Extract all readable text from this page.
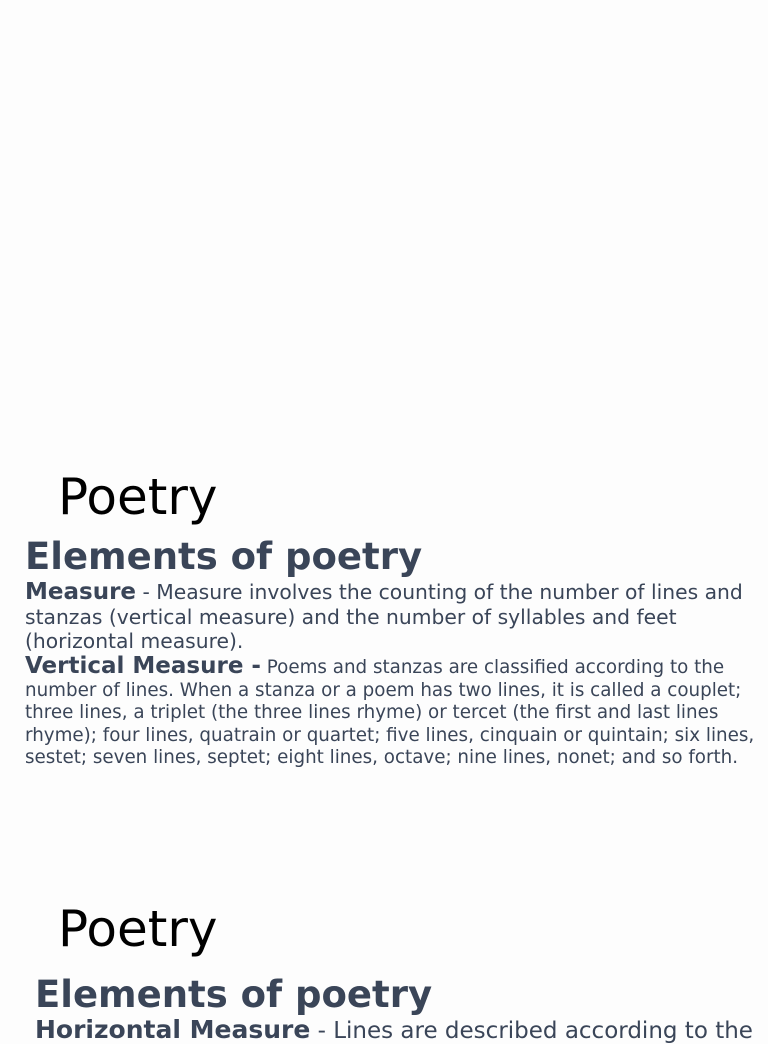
Poetry
Elements of poetry

Measure - Measure involves the counting of the number of lines and stanzas (vertical measure) and the number of syllables and feet (horizontal measure).

Vertical Measure - Poems and stanzas are classified according to the number of lines. When a stanza or a poem has two lines, it is called a couplet; three lines, a triplet (the three lines rhyme) or tercet (the first and last lines rhyme); four lines, quatrain or quartet; five lines, cinquain or quintain; six lines, sestet; seven lines, septet; eight lines, octave; nine lines, nonet; and so forth.

Poetry
Elements of poetry

Horizontal Measure - Lines are described according to the
